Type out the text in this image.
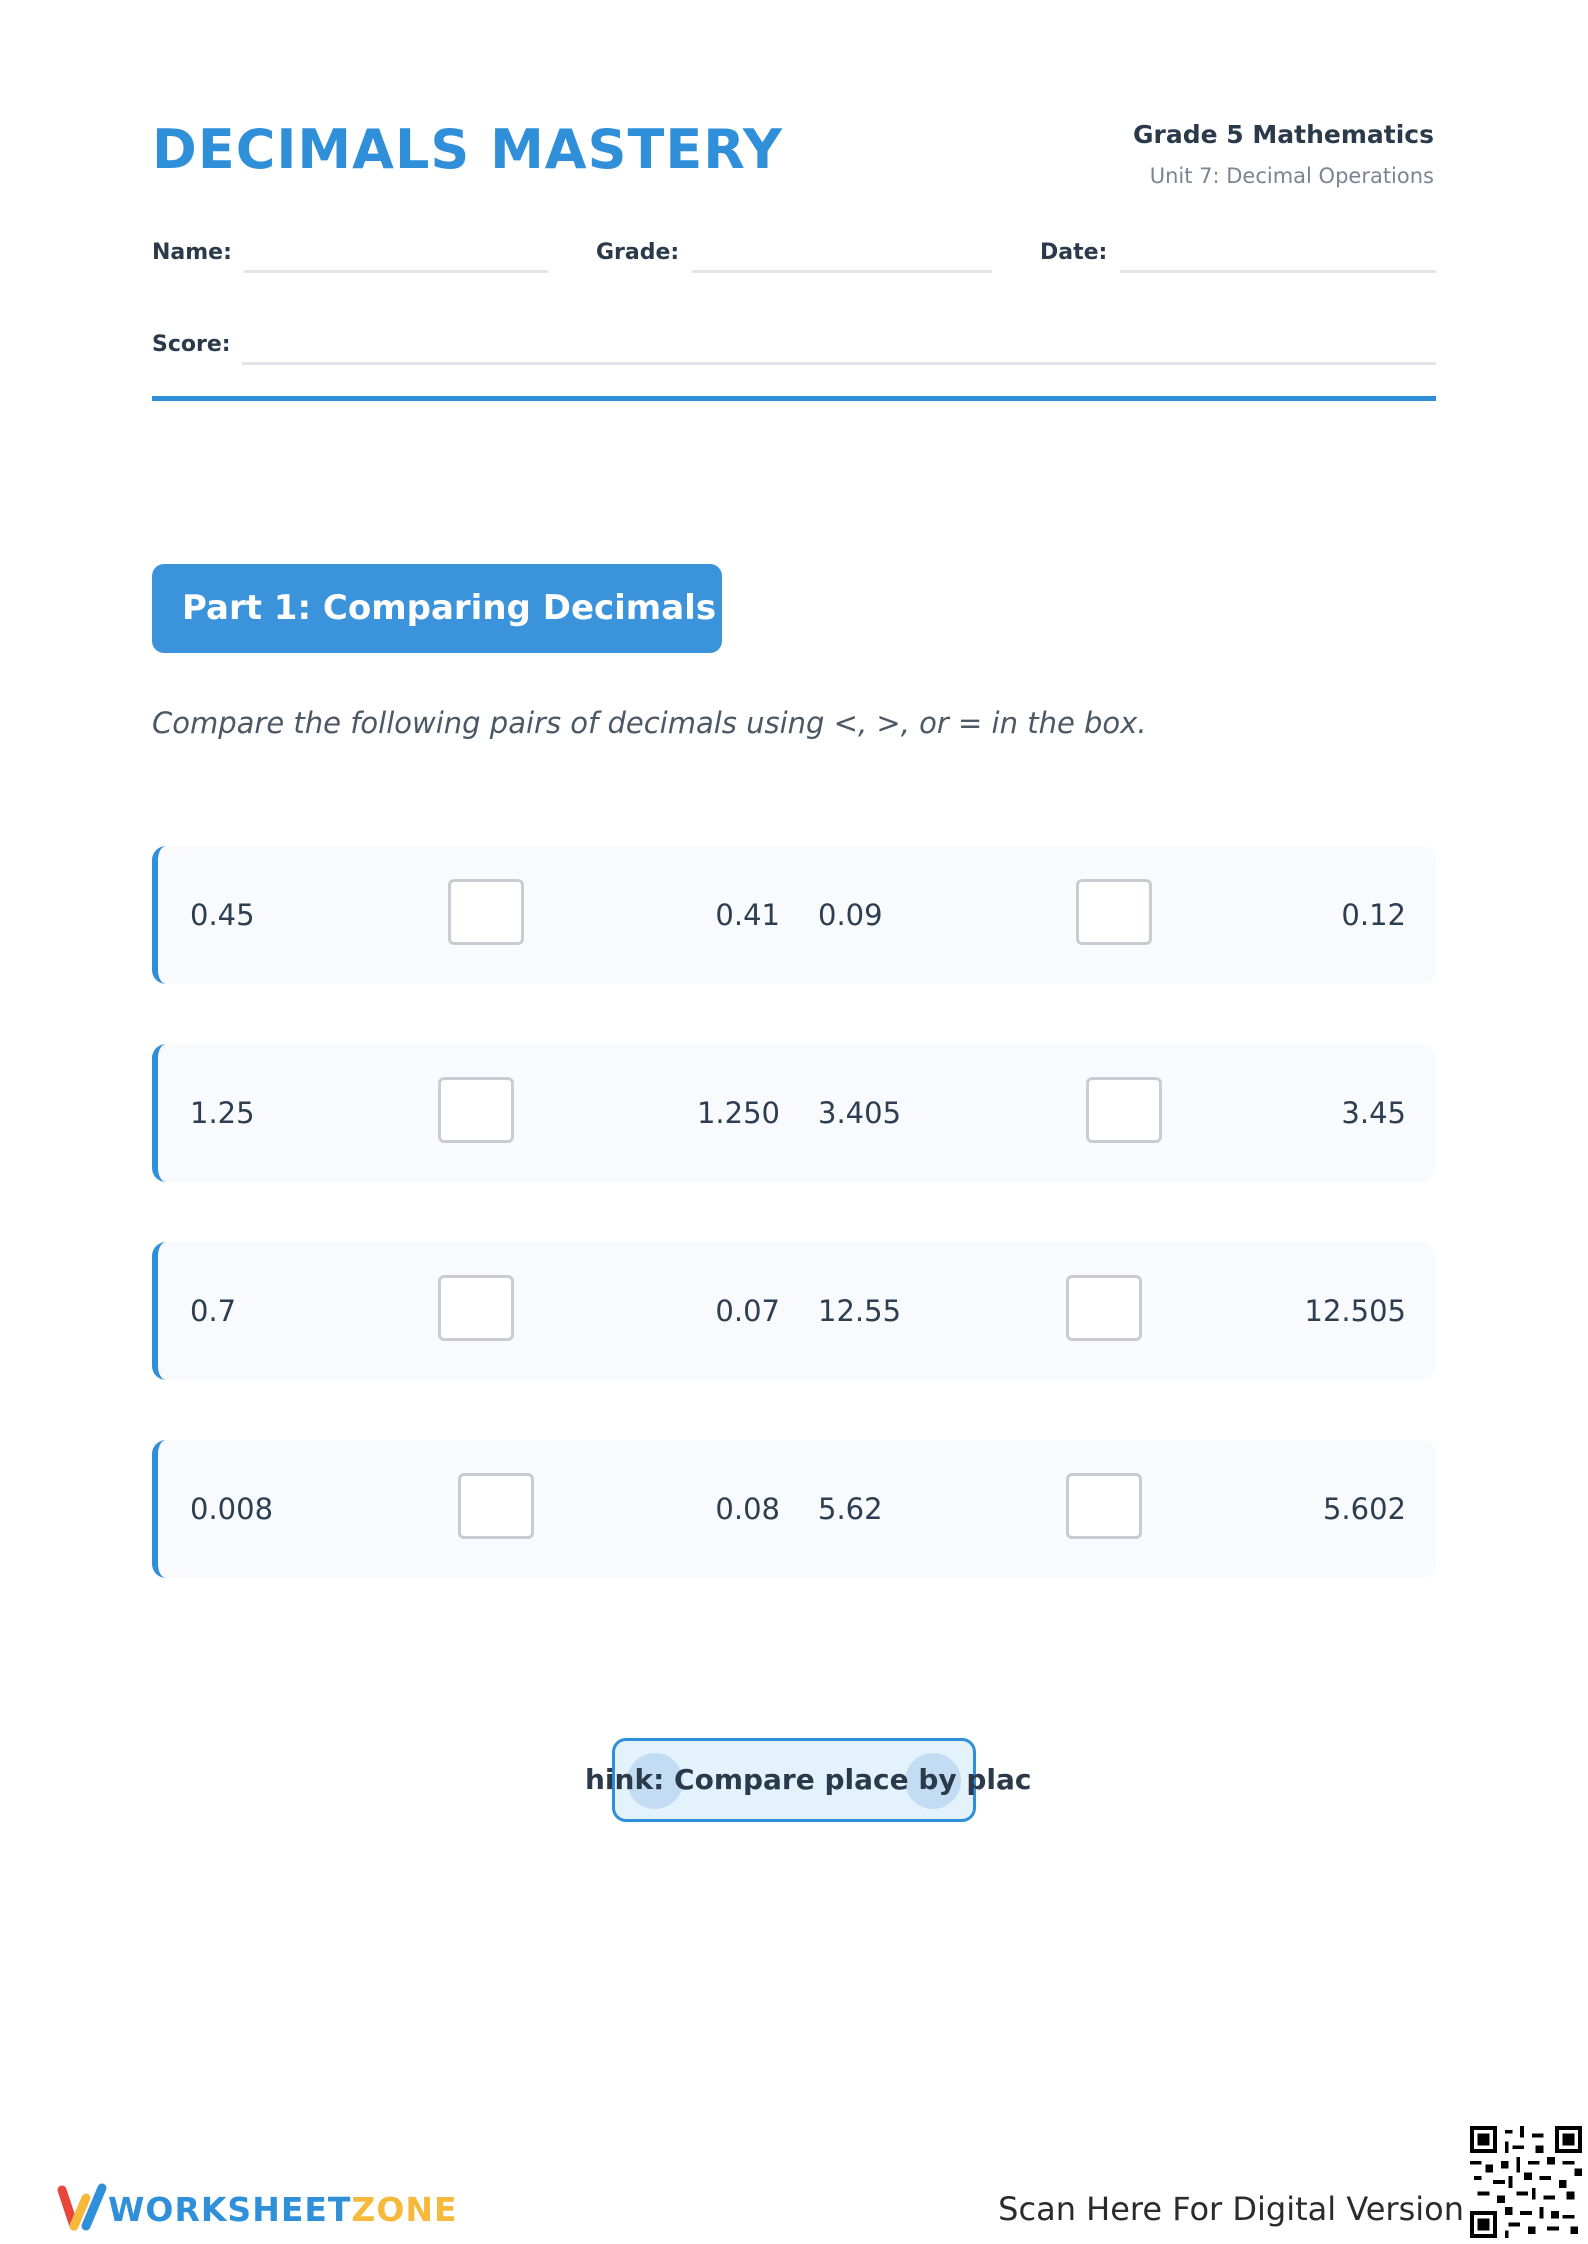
DECIMALS MASTERY	Grade 5 Mathematics
Unit 7: Decimal Operations
Name:	Grade:	Date:
Score:
Part 1: Comparing Decimals
Compare the following pairs of decimals using <, >, or = in the box.
0.45	0.41 0.09	0.12
1.25	1.250 3.405	3.45
0.7	0.07 12.55	12.505
0.008	0.08 5.62	5.602
hink: Compare place by plac
WORKSHEETZONE	Scan Here For Digital Version
